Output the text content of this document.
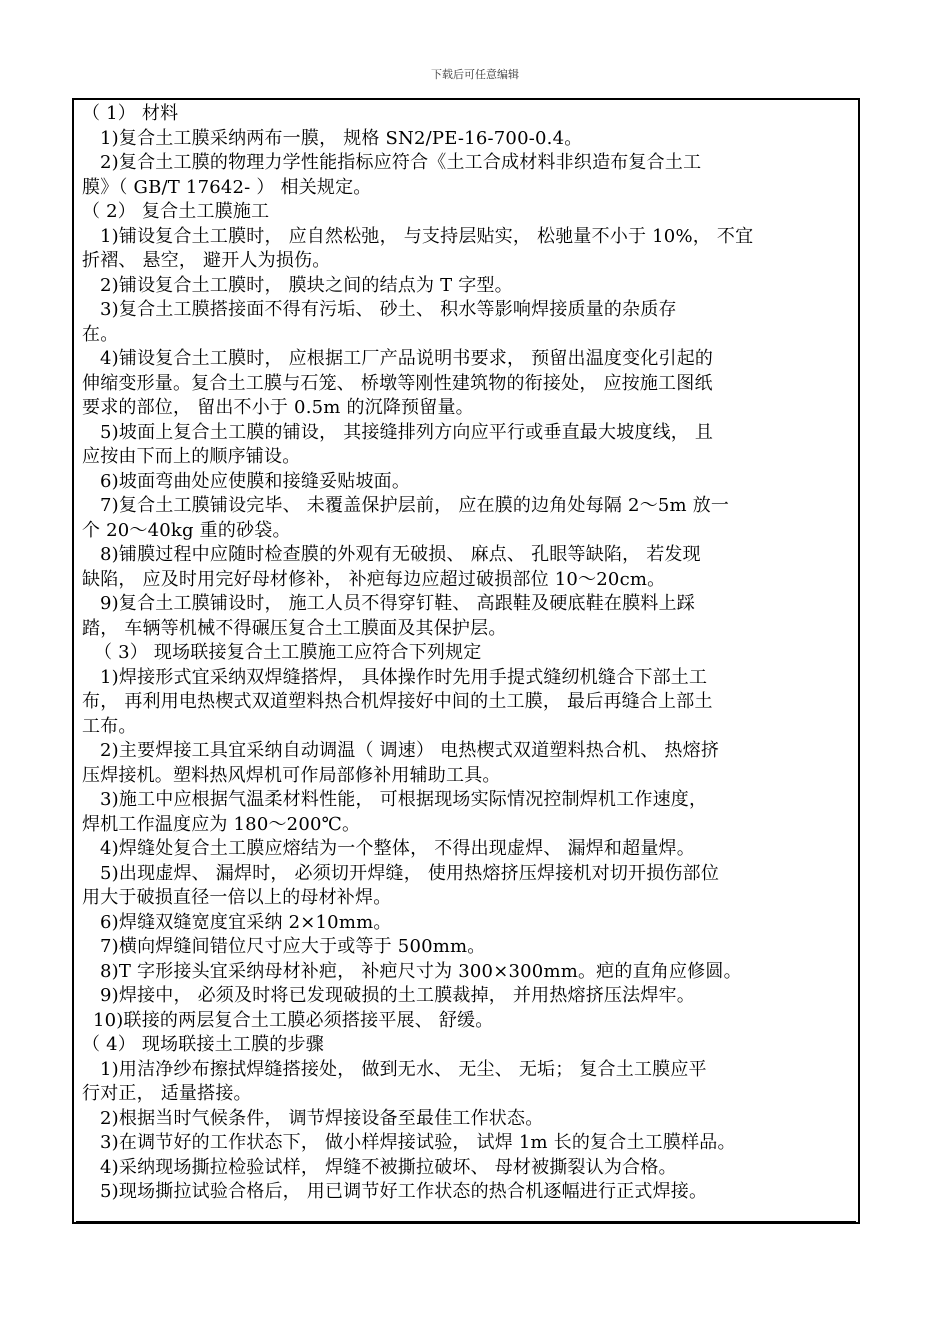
下载后可任意编辑
（ 1） 材料
1)复合土工膜采纳两布一膜， 规格 SN2/PE-16-700-0.4。
2)复合土工膜的物理力学性能指标应符合《土工合成材料非织造布复合土工
膜》（ GB/T 17642- ） 相关规定。
（ 2） 复合土工膜施工
1)铺设复合土工膜时， 应自然松弛， 与支持层贴实， 松驰量不小于 10%， 不宜
折褶、 悬空， 避开人为损伤。
2)铺设复合土工膜时， 膜块之间的结点为 T 字型。
3)复合土工膜搭接面不得有污垢、 砂土、 积水等影响焊接质量的杂质存
在。
4)铺设复合土工膜时， 应根据工厂产品说明书要求， 预留出温度变化引起的
伸缩变形量。复合土工膜与石笼、 桥墩等刚性建筑物的衔接处， 应按施工图纸
要求的部位， 留出不小于 0.5m 的沉降预留量。
5)坡面上复合土工膜的铺设， 其接缝排列方向应平行或垂直最大坡度线， 且
应按由下而上的顺序铺设。
6)坡面弯曲处应使膜和接缝妥贴坡面。
7)复合土工膜铺设完毕、 未覆盖保护层前， 应在膜的边角处每隔 2～5m 放一
个 20～40kg 重的砂袋。
8)铺膜过程中应随时检查膜的外观有无破损、 麻点、 孔眼等缺陷， 若发现
缺陷， 应及时用完好母材修补， 补疤每边应超过破损部位 10～20cm。
9)复合土工膜铺设时， 施工人员不得穿钉鞋、 高跟鞋及硬底鞋在膜料上踩
踏， 车辆等机械不得碾压复合土工膜面及其保护层。
（ 3） 现场联接复合土工膜施工应符合下列规定
1)焊接形式宜采纳双焊缝搭焊， 具体操作时先用手提式缝纫机缝合下部土工
布， 再利用电热楔式双道塑料热合机焊接好中间的土工膜， 最后再缝合上部土
工布。
2)主要焊接工具宜采纳自动调温（ 调速） 电热楔式双道塑料热合机、 热熔挤
压焊接机。塑料热风焊机可作局部修补用辅助工具。
3)施工中应根据气温柔材料性能， 可根据现场实际情况控制焊机工作速度，
焊机工作温度应为 180～200℃。
4)焊缝处复合土工膜应熔结为一个整体， 不得出现虚焊、 漏焊和超量焊。
5)出现虚焊、 漏焊时， 必须切开焊缝， 使用热熔挤压焊接机对切开损伤部位
用大于破损直径一倍以上的母材补焊。
6)焊缝双缝宽度宜采纳 2×10mm。
7)横向焊缝间错位尺寸应大于或等于 500mm。
8)T 字形接头宜采纳母材补疤， 补疤尺寸为 300×300mm。疤的直角应修圆。
9)焊接中， 必须及时将已发现破损的土工膜裁掉， 并用热熔挤压法焊牢。
10)联接的两层复合土工膜必须搭接平展、 舒缓。
（ 4） 现场联接土工膜的步骤
1)用洁净纱布擦拭焊缝搭接处， 做到无水、 无尘、 无垢； 复合土工膜应平
行对正， 适量搭接。
2)根据当时气候条件， 调节焊接设备至最佳工作状态。
3)在调节好的工作状态下， 做小样焊接试验， 试焊 1m 长的复合土工膜样品。
4)采纳现场撕拉检验试样， 焊缝不被撕拉破坏、 母材被撕裂认为合格。
5)现场撕拉试验合格后， 用已调节好工作状态的热合机逐幅进行正式焊接。
